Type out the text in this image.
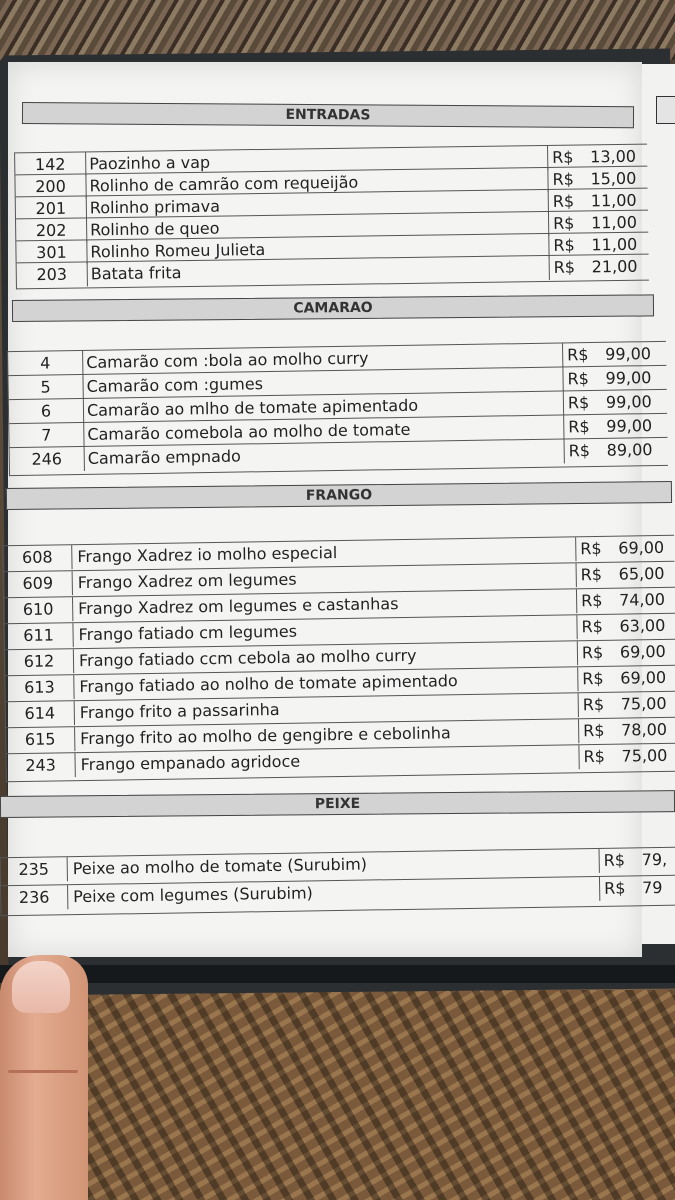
ENTRADAS
142	Paozinho a vap	R$ 13,00
200	Rolinho de camrão com requeijão	R$ 15,00
201	Rolinho primava	R$ 11,00
202	Rolinho de queo	R$ 11,00
301	Rolinho Romeu Julieta	R$ 11,00
203	Batata frita	R$ 21,00
CAMARAO
4	Camarão com :bola ao molho curry	R$ 99,00
5	Camarão com :gumes	R$ 99,00
6	Camarão ao mlho de tomate apimentado	R$ 99,00
7	Camarão comebola ao molho de tomate	R$ 99,00
246	Camarão empnado	R$ 89,00
FRANGO
608	Frango Xadrez io molho especial	R$ 69,00
609	Frango Xadrez om legumes	R$ 65,00
610	Frango Xadrez om legumes e castanhas	R$ 74,00
611	Frango fatiado cm legumes	R$ 63,00
612	Frango fatiado ccm cebola ao molho curry	R$ 69,00
613	Frango fatiado ao nolho de tomate apimentado	R$ 69,00
614	Frango frito a passarinha	R$ 75,00
615	Frango frito ao molho de gengibre e cebolinha	R$ 78,00
243	Frango empanado agridoce	R$ 75,00
PEIXE
235	Peixe ao molho de tomate (Surubim)	R$ 79,
236	Peixe com legumes (Surubim)	R$ 79
